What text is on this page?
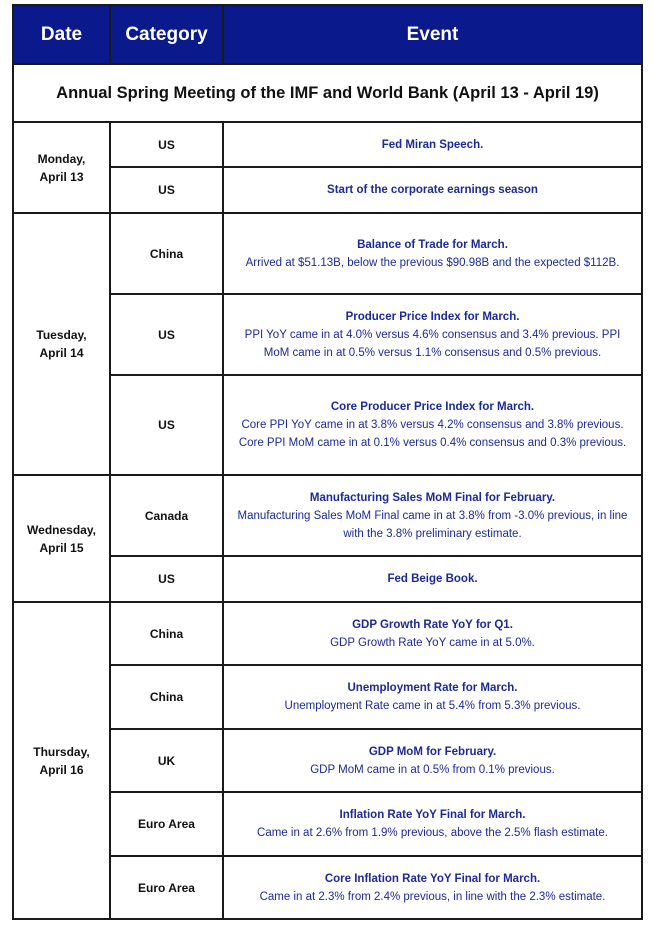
Date	Category	Event
Annual Spring Meeting of the IMF and World Bank (April 13 - April 19)		

Monday,
April 13	US	Fed Miran Speech.

	US	Start of the corporate earnings season

Tuesday,
April 14	China	Balance of Trade for March.
Arrived at $51.13B, below the previous $90.98B and the expected $112B.

	US	Producer Price Index for March.
PPI YoY came in at 4.0% versus 4.6% consensus and 3.4% previous. PPI MoM came in at 0.5% versus 1.1% consensus and 0.5% previous.

	US	Core Producer Price Index for March.
Core PPI YoY came in at 3.8% versus 4.2% consensus and 3.8% previous. Core PPI MoM came in at 0.1% versus 0.4% consensus and 0.3% previous.

Wednesday,
April 15	Canada	Manufacturing Sales MoM Final for February.
Manufacturing Sales MoM Final came in at 3.8% from -3.0% previous, in line with the 3.8% preliminary estimate.

	US	Fed Beige Book.

Thursday,
April 16	China	GDP Growth Rate YoY for Q1.
GDP Growth Rate YoY came in at 5.0%.

	China	Unemployment Rate for March.
Unemployment Rate came in at 5.4% from 5.3% previous.

	UK	GDP MoM for February.
GDP MoM came in at 0.5% from 0.1% previous.

	Euro Area	Inflation Rate YoY Final for March.
Came in at 2.6% from 1.9% previous, above the 2.5% flash estimate.

	Euro Area	Core Inflation Rate YoY Final for March.
Came in at 2.3% from 2.4% previous, in line with the 2.3% estimate.
